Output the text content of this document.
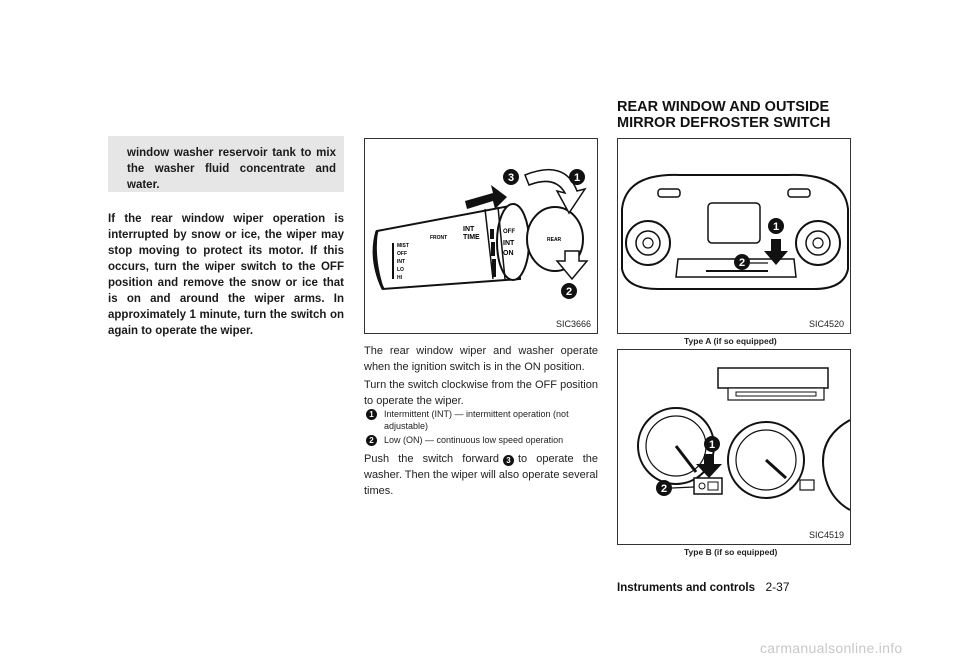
window washer reservoir tank to mix the washer fluid concentrate and water.
If the rear window wiper operation is interrupted by snow or ice, the wiper may stop moving to protect its motor. If this occurs, turn the wiper switch to the OFF position and remove the snow or ice that is on and around the wiper arms. In approximately 1 minute, turn the switch on again to operate the wiper.
MIST
OFF
INT
LO
HI
FRONT
INT
TIME
OFF
INT
ON
REAR
3	1
2
SIC3666
The rear window wiper and washer operate when the ignition switch is in the ON position.
Turn the switch clockwise from the OFF position to operate the wiper.
1	Intermittent (INT) — intermittent operation (not adjustable)
2	Low (ON) — continuous low speed operation
Push the switch forward 3 to operate the washer. Then the wiper will also operate several times.
REAR WINDOW AND OUTSIDE
MIRROR DEFROSTER SWITCH
1
2
SIC4520
Type A (if so equipped)
1
2
SIC4519
Type B (if so equipped)
Instruments and controls 2-37
carmanualsonline.info
